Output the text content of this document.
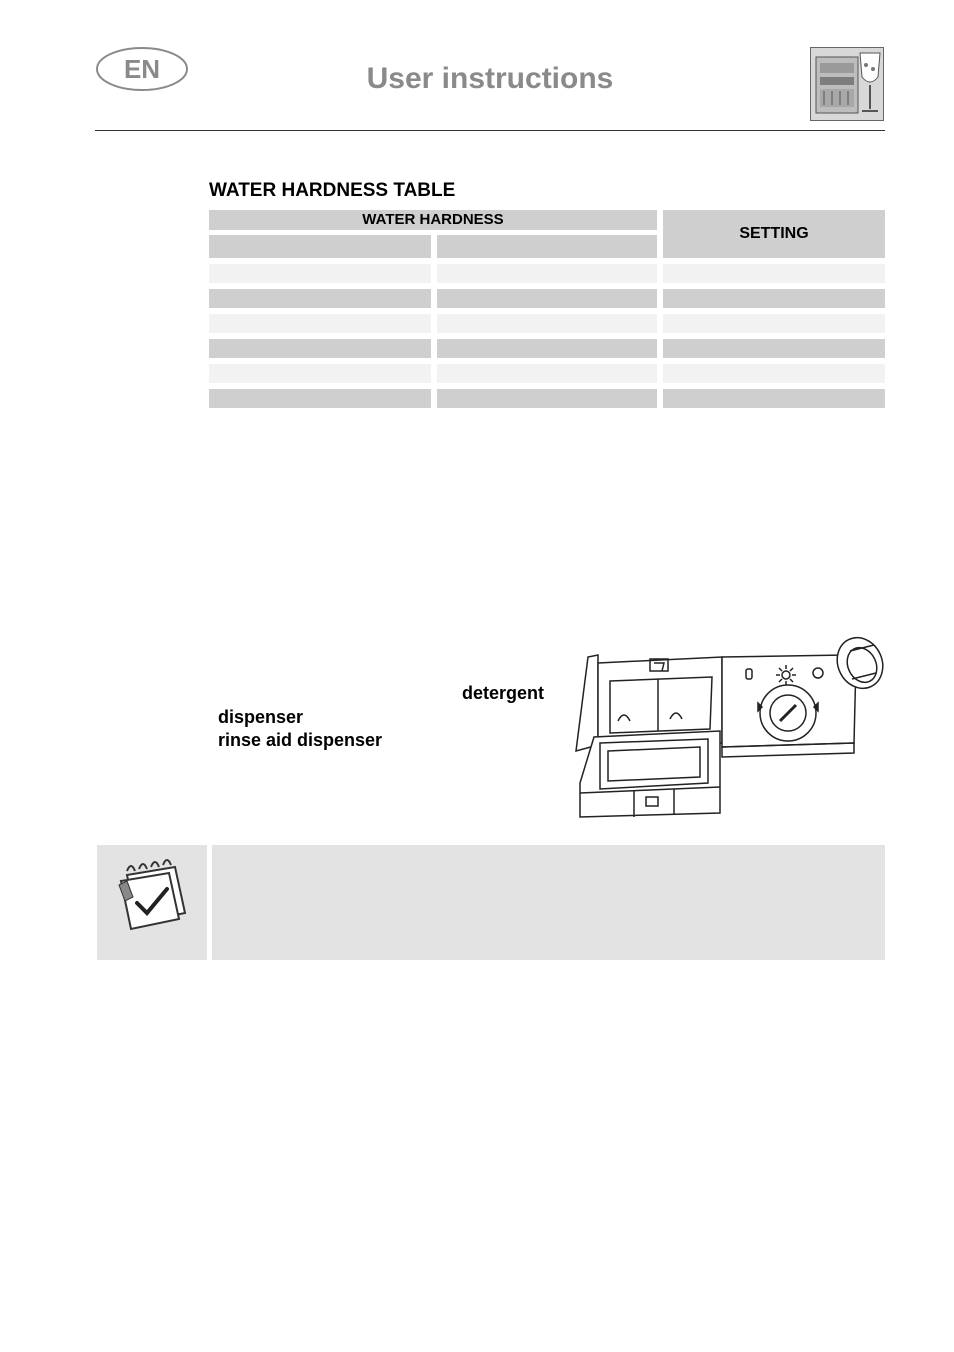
EN	User instructions
WATER HARDNESS TABLE
WATER HARDNESS
SETTING
detergent
dispenser
rinse aid dispenser
